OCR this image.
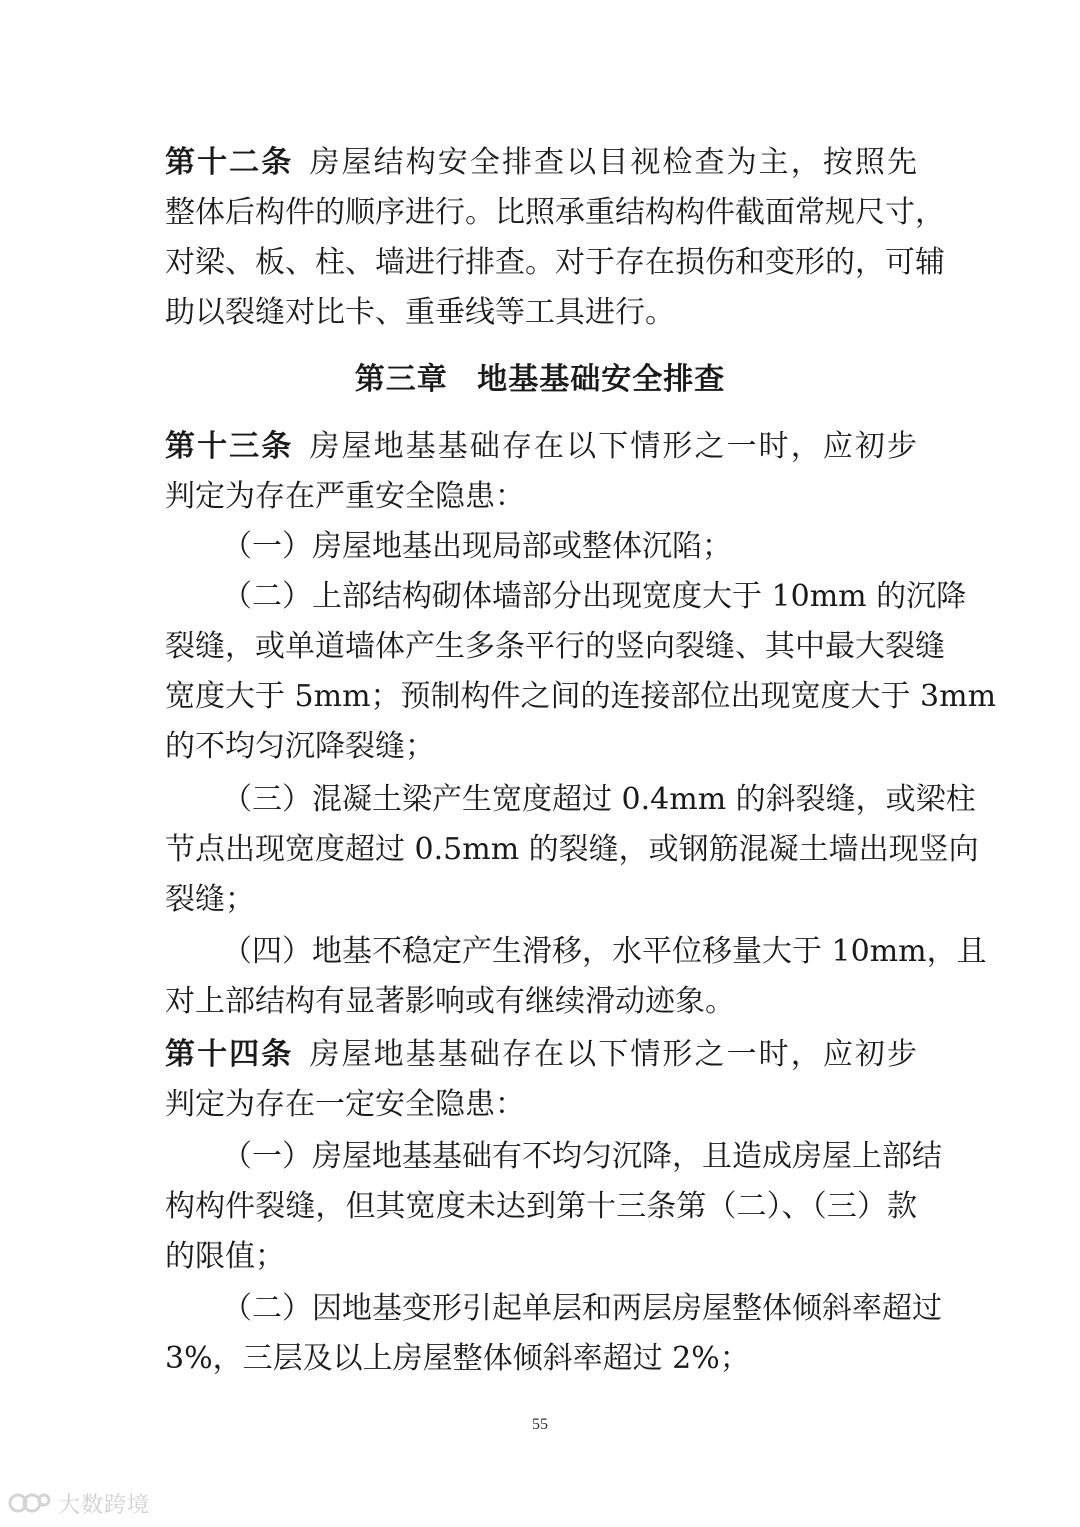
第十二条 房屋结构安全排查以目视检查为主，按照先
整体后构件的顺序进行。比照承重结构构件截面常规尺寸，
对梁、板、柱、墙进行排查。对于存在损伤和变形的，可辅
助以裂缝对比卡、重垂线等工具进行。
第三章 地基基础安全排查
第十三条 房屋地基基础存在以下情形之一时，应初步
判定为存在严重安全隐患：
（一）房屋地基出现局部或整体沉陷；
（二）上部结构砌体墙部分出现宽度大于 10mm 的沉降
裂缝，或单道墙体产生多条平行的竖向裂缝、其中最大裂缝
宽度大于 5mm；预制构件之间的连接部位出现宽度大于 3mm
的不均匀沉降裂缝；
（三）混凝土梁产生宽度超过 0.4mm 的斜裂缝，或梁柱
节点出现宽度超过 0.5mm 的裂缝，或钢筋混凝土墙出现竖向
裂缝；
（四）地基不稳定产生滑移，水平位移量大于 10mm，且
对上部结构有显著影响或有继续滑动迹象。
第十四条 房屋地基基础存在以下情形之一时，应初步
判定为存在一定安全隐患：
（一）房屋地基基础有不均匀沉降，且造成房屋上部结
构构件裂缝，但其宽度未达到第十三条第（二）、（三）款
的限值；
（二）因地基变形引起单层和两层房屋整体倾斜率超过
3%，三层及以上房屋整体倾斜率超过 2%；
55
大数跨境
